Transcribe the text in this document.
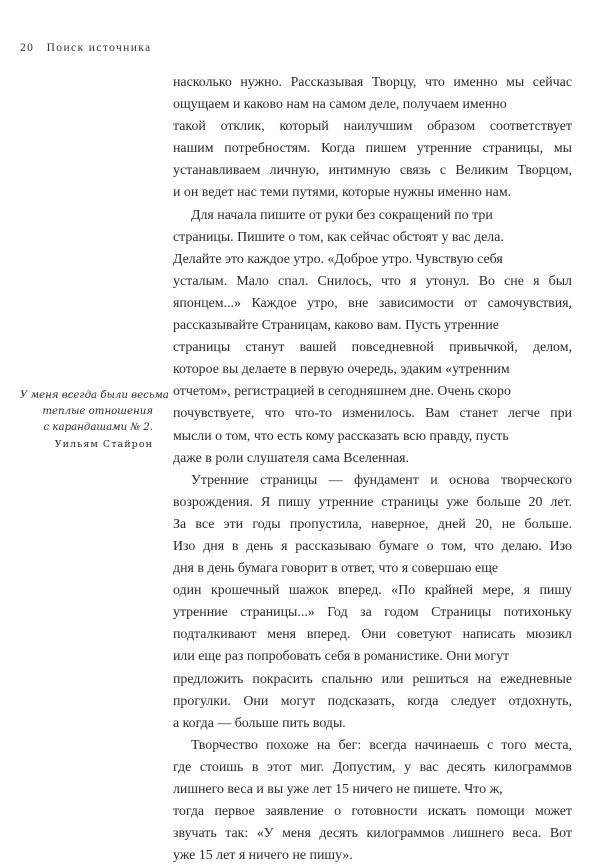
20 Поиск источника
насколько нужно. Рассказывая Творцу, что именно мы сейчас
ощущаем и каково нам на самом деле, получаем именно
такой отклик, который наилучшим образом соответствует
нашим потребностям. Когда пишем утренние страницы, мы
устанавливаем личную, интимную связь с Великим Творцом,
и он ведет нас теми путями, которые нужны именно нам.
Для начала пишите от руки без сокращений по три
страницы. Пишите о том, как сейчас обстоят у вас дела.
Делайте это каждое утро. «Доброе утро. Чувствую себя
усталым. Мало спал. Снилось, что я утонул. Во сне я был
японцем...» Каждое утро, вне зависимости от самочувствия,
рассказывайте Страницам, каково вам. Пусть утренние
страницы станут вашей повседневной привычкой, делом,
которое вы делаете в первую очередь, эдаким «утренним
отчетом», регистрацией в сегодняшнем дне. Очень скоро
почувствуете, что что-то изменилось. Вам станет легче при
мысли о том, что есть кому рассказать всю правду, пусть
даже в роли слушателя сама Вселенная.
Утренние страницы — фундамент и основа творческого
возрождения. Я пишу утренние страницы уже больше 20 лет.
За все эти годы пропустила, наверное, дней 20, не больше.
Изо дня в день я рассказываю бумаге о том, что делаю. Изо
дня в день бумага говорит в ответ, что я совершаю еще
один крошечный шажок вперед. «По крайней мере, я пишу
утренние страницы...» Год за годом Страницы потихоньку
подталкивают меня вперед. Они советуют написать мюзикл
или еще раз попробовать себя в романистике. Они могут
предложить покрасить спальню или решиться на ежедневные
прогулки. Они могут подсказать, когда следует отдохнуть,
а когда — больше пить воды.
Творчество похоже на бег: всегда начинаешь с того места,
где стоишь в этот миг. Допустим, у вас десять килограммов
лишнего веса и вы уже лет 15 ничего не пишете. Что ж,
тогда первое заявление о готовности искать помощи может
звучать так: «У меня десять килограммов лишнего веса. Вот
уже 15 лет я ничего не пишу».
У меня всегда были весьма
теплые отношения
с карандашами № 2.
Уильям Стайрон
